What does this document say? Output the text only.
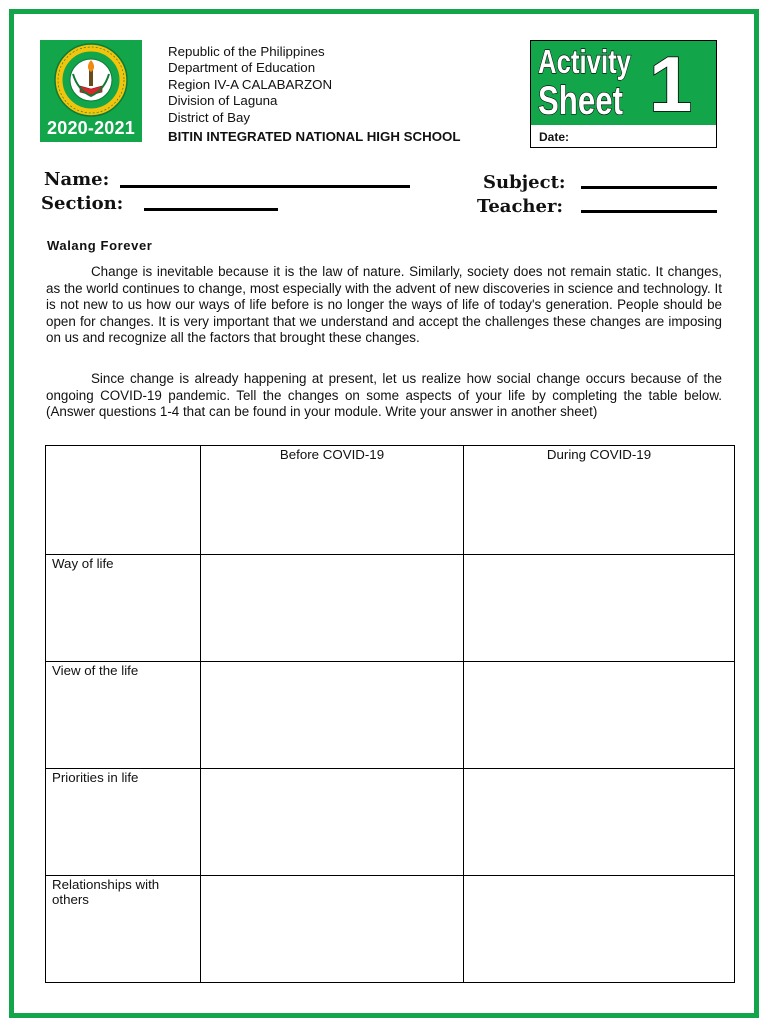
2020-2021
Republic of the Philippines
Department of Education
Region IV-A CALABARZON
Division of Laguna
District of Bay
BITIN INTEGRATED NATIONAL HIGH SCHOOL
Activity
Sheet 1
Date:
Name:
Section:
Subject:
Teacher:
Walang Forever
Change is inevitable because it is the law of nature. Similarly, society does not remain static. It changes, as the world continues to change, most especially with the advent of new discoveries in science and technology. It is not new to us how our ways of life before is no longer the ways of life of today's generation. People should be open for changes. It is very important that we understand and accept the challenges these changes are imposing on us and recognize all the factors that brought these changes.
Since change is already happening at present, let us realize how social change occurs because of the ongoing COVID-19 pandemic. Tell the changes on some aspects of your life by completing the table below. (Answer questions 1-4 that can be found in your module. Write your answer in another sheet)
	Before COVID-19	During COVID-19

Way of life		

View of the life		

Priorities in life		

Relationships with others		
